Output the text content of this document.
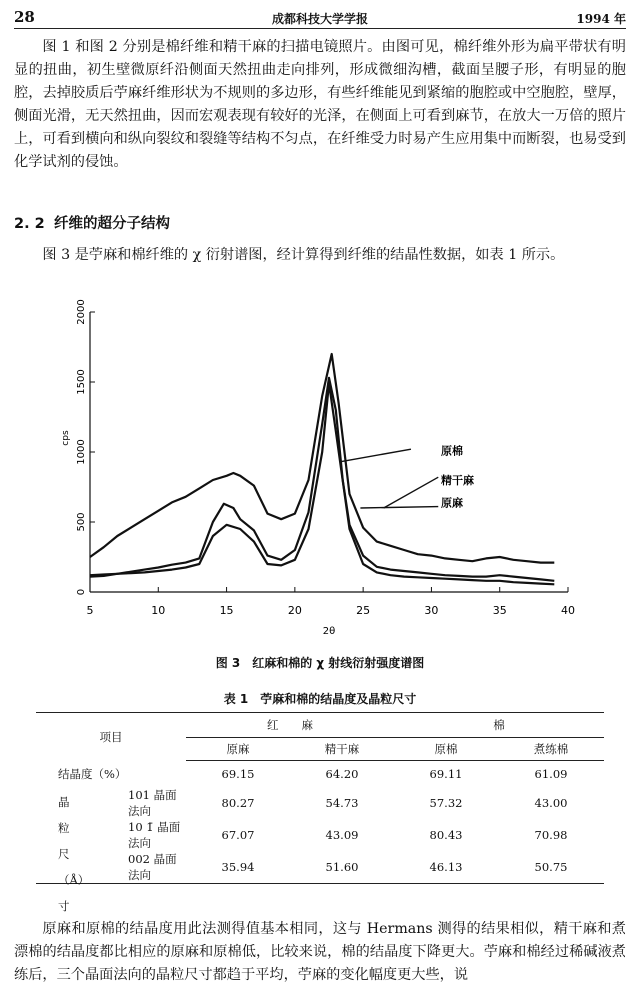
28	成都科技大学学报	1994 年

图 1 和图 2 分别是棉纤维和精干麻的扫描电镜照片。由图可见，棉纤维外形为扁平带状有明显的扭曲，初生壁微原纤沿侧面天然扭曲走向排列，形成微细沟槽，截面呈腰子形，有明显的胞腔，去掉胶质后苧麻纤维形状为不规则的多边形，有些纤维能见到紧缩的胞腔或中空胞腔，壁厚，侧面光滑，无天然扭曲，因而宏观表现有较好的光泽，在侧面上可看到麻节，在放大一万倍的照片上，可看到横向和纵向裂纹和裂缝等结构不匀点，在纤维受力时易产生应用集中而断裂，也易受到化学试剂的侵蚀。

2. 2 纤维的超分子结构

图 3 是苧麻和棉纤维的 χ 衍射谱图，经计算得到纤维的结晶性数据，如表 1 所示。

5	10	15	20	25	30	35	40
0
500
1000
1500
2000
cps
2θ
原棉
精干麻
原麻
图 3　红麻和棉的 χ 射线衍射强度谱图
表 1　苧麻和棉的结晶度及晶粒尺寸
项目	红　　麻		棉	
	原麻	精干麻	原棉	煮练棉
结晶度（%）	69.15	64.20	69.11	61.09

晶粒尺（Å）寸
101 晶面法向	80.27	54.73	57.32	43.00
10 1̄ 晶面法向	67.07	43.09	80.43	70.98
002 晶面法向	35.94	51.60	46.13	50.75

原麻和原棉的结晶度用此法测得值基本相同，这与 Hermans 测得的结果相似，精干麻和煮漂棉的结晶度都比相应的原麻和原棉低，比较来说，棉的结晶度下降更大。苧麻和棉经过稀碱液煮练后，三个晶面法向的晶粒尺寸都趋于平均，苧麻的变化幅度更大些，说
